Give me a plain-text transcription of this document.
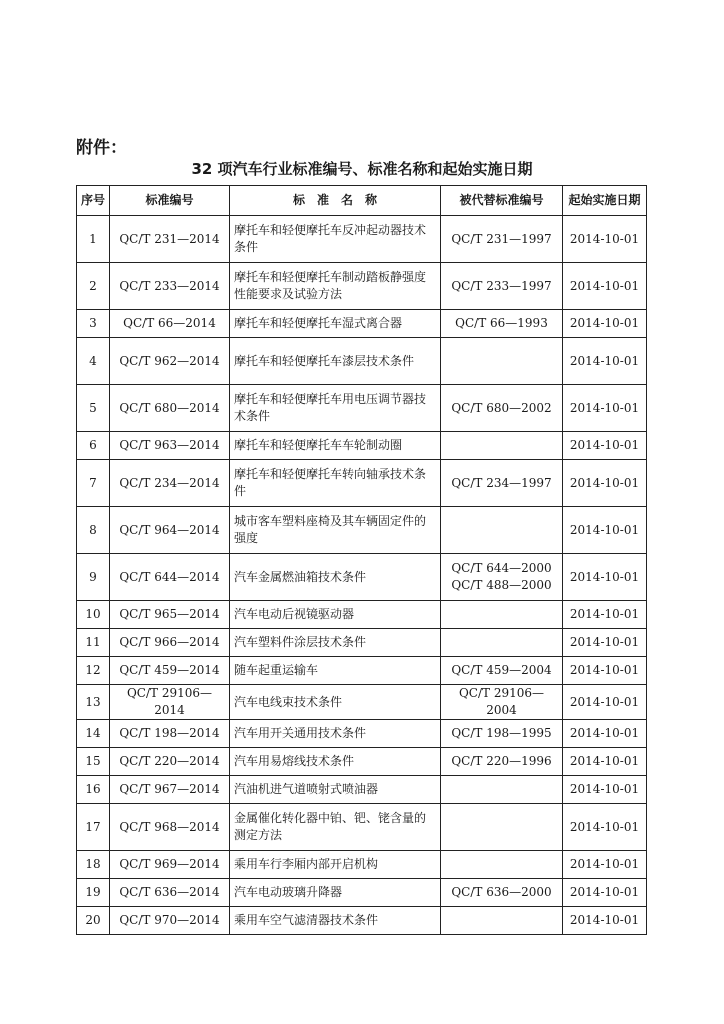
附件：
32 项汽车行业标准编号、标准名称和起始实施日期
序号	标准编号	标　准　名　称	被代替标准编号	起始实施日期
1	QC/T 231—2014	摩托车和轻便摩托车反冲起动器技术条件	QC/T 231—1997	2014-10-01
2	QC/T 233—2014	摩托车和轻便摩托车制动踏板静强度性能要求及试验方法	QC/T 233—1997	2014-10-01
3	QC/T 66—2014	摩托车和轻便摩托车湿式离合器	QC/T 66—1993	2014-10-01
4	QC/T 962—2014	摩托车和轻便摩托车漆层技术条件		2014-10-01
5	QC/T 680—2014	摩托车和轻便摩托车用电压调节器技术条件	QC/T 680—2002	2014-10-01
6	QC/T 963—2014	摩托车和轻便摩托车车轮制动圈		2014-10-01
7	QC/T 234—2014	摩托车和轻便摩托车转向轴承技术条件	QC/T 234—1997	2014-10-01
8	QC/T 964—2014	城市客车塑料座椅及其车辆固定件的强度		2014-10-01
9	QC/T 644—2014	汽车金属燃油箱技术条件	QC/T 644—2000
QC/T 488—2000	2014-10-01
10	QC/T 965—2014	汽车电动后视镜驱动器		2014-10-01
11	QC/T 966—2014	汽车塑料件涂层技术条件		2014-10-01
12	QC/T 459—2014	随车起重运输车	QC/T 459—2004	2014-10-01
13	QC/T 29106—2014	汽车电线束技术条件	QC/T 29106—2004	2014-10-01
14	QC/T 198—2014	汽车用开关通用技术条件	QC/T 198—1995	2014-10-01
15	QC/T 220—2014	汽车用易熔线技术条件	QC/T 220—1996	2014-10-01
16	QC/T 967—2014	汽油机进气道喷射式喷油器		2014-10-01
17	QC/T 968—2014	金属催化转化器中铂、钯、铑含量的测定方法		2014-10-01
18	QC/T 969—2014	乘用车行李厢内部开启机构		2014-10-01
19	QC/T 636—2014	汽车电动玻璃升降器	QC/T 636—2000	2014-10-01
20	QC/T 970—2014	乘用车空气滤清器技术条件		2014-10-01
